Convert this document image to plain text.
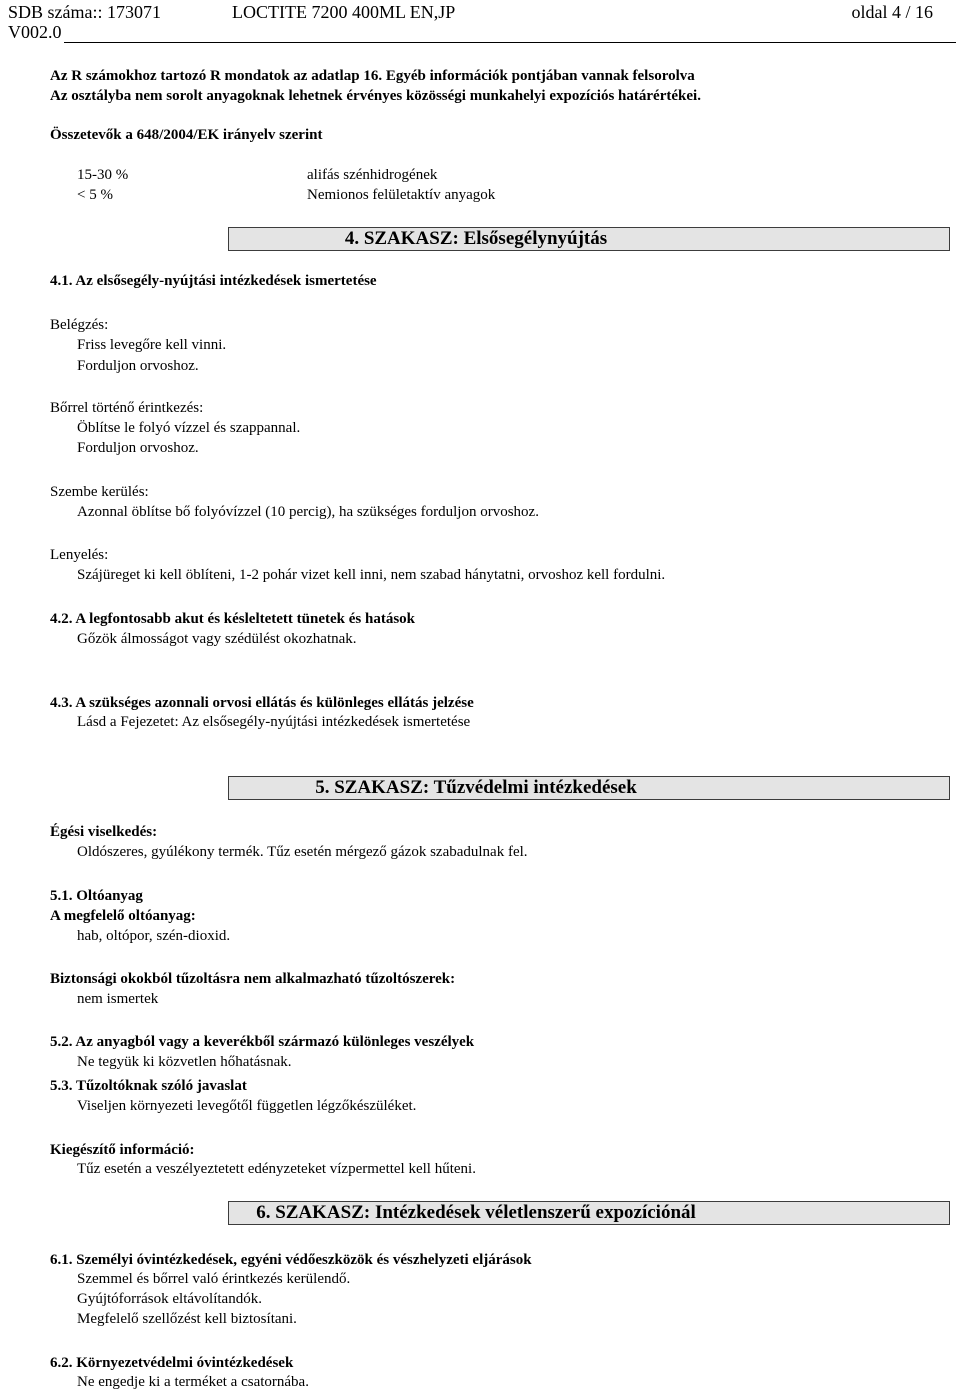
SDB száma:: 173071	LOCTITE 7200 400ML EN,JP	oldal 4 / 16
V002.0
Az R számokhoz tartozó R mondatok az adatlap 16. Egyéb információk pontjában vannak felsorolva
Az osztályba nem sorolt anyagoknak lehetnek érvényes közösségi munkahelyi expozíciós határértékei.
Összetevők a 648/2004/EK irányelv szerint
15-30 %	alifás szénhidrogének
< 5 %	Nemionos felületaktív anyagok
4. SZAKASZ: Elsősegélynyújtás
4.1. Az elsősegély-nyújtási intézkedések ismertetése
Belégzés:
Friss levegőre kell vinni.
Forduljon orvoshoz.
Bőrrel történő érintkezés:
Öblítse le folyó vízzel és szappannal.
Forduljon orvoshoz.
Szembe kerülés:
Azonnal öblítse bő folyóvízzel (10 percig), ha szükséges forduljon orvoshoz.
Lenyelés:
Szájüreget ki kell öblíteni, 1-2 pohár vizet kell inni, nem szabad hánytatni, orvoshoz kell fordulni.
4.2. A legfontosabb akut és késleltetett tünetek és hatások
Gőzök álmosságot vagy szédülést okozhatnak.
4.3. A szükséges azonnali orvosi ellátás és különleges ellátás jelzése
Lásd a Fejezetet: Az elsősegély-nyújtási intézkedések ismertetése
5. SZAKASZ: Tűzvédelmi intézkedések
Égési viselkedés:
Oldószeres, gyúlékony termék. Tűz esetén mérgező gázok szabadulnak fel.
5.1. Oltóanyag
A megfelelő oltóanyag:
hab, oltópor, szén-dioxid.
Biztonsági okokból tűzoltásra nem alkalmazható tűzoltószerek:
nem ismertek
5.2. Az anyagból vagy a keverékből származó különleges veszélyek
Ne tegyük ki közvetlen hőhatásnak.
5.3. Tűzoltóknak szóló javaslat
Viseljen környezeti levegőtől független légzőkészüléket.
Kiegészítő információ:
Tűz esetén a veszélyeztetett edényzeteket vízpermettel kell hűteni.
6. SZAKASZ: Intézkedések véletlenszerű expozíciónál
6.1. Személyi óvintézkedések, egyéni védőeszközök és vészhelyzeti eljárások
Szemmel és bőrrel való érintkezés kerülendő.
Gyújtóforrások eltávolítandók.
Megfelelő szellőzést kell biztosítani.
6.2. Környezetvédelmi óvintézkedések
Ne engedje ki a terméket a csatornába.
